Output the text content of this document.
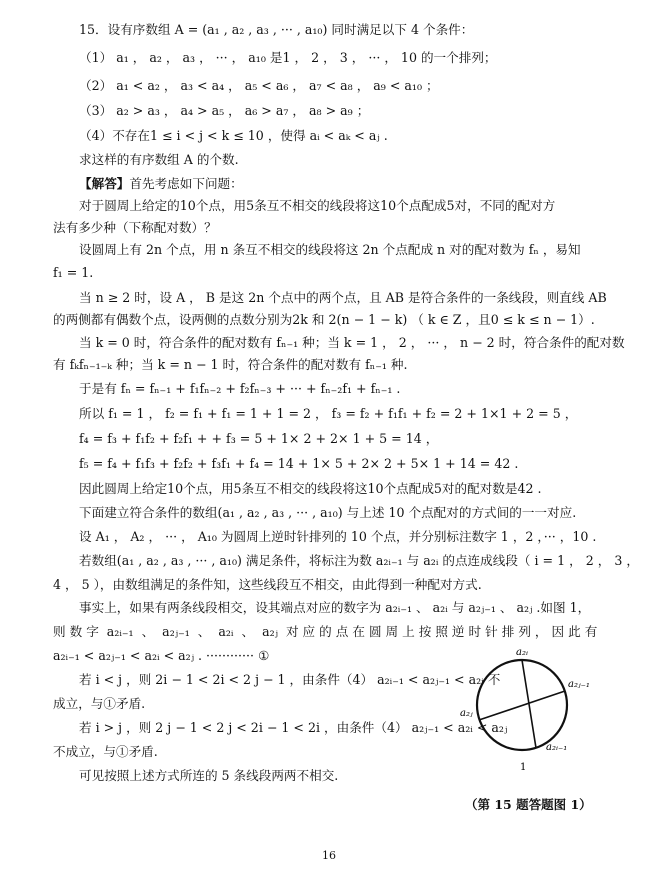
15．设有序数组 A = (a₁ , a₂ , a₃ , ··· , a₁₀) 同时满足以下 4 个条件：
（1） a₁ ， a₂ ， a₃ ， ··· ， a₁₀ 是1 ， 2 ， 3 ， ··· ， 10 的一个排列；
（2） a₁ < a₂ ， a₃ < a₄ ， a₅ < a₆ ， a₇ < a₈ ， a₉ < a₁₀ ；
（3） a₂ > a₃ ， a₄ > a₅ ， a₆ > a₇ ， a₈ > a₉ ；
（4）不存在1 ≤ i < j < k ≤ 10 ，使得 aᵢ < aₖ < aⱼ .
求这样的有序数组 A 的个数.
【解答】首先考虑如下问题：
对于圆周上给定的10个点，用5条互不相交的线段将这10个点配成5对，不同的配对方
法有多少种（下称配对数）？
设圆周上有 2n 个点，用 n 条互不相交的线段将这 2n 个点配成 n 对的配对数为 fₙ ，易知
f₁ = 1.
当 n ≥ 2 时，设 A ， B 是这 2n 个点中的两个点，且 AB 是符合条件的一条线段，则直线 AB
的两侧都有偶数个点，设两侧的点数分别为2k 和 2(n − 1 − k) （ k ∈ Z ，且0 ≤ k ≤ n − 1）.
当 k = 0 时，符合条件的配对数有 fₙ₋₁ 种；当 k = 1 ， 2 ， ··· ， n − 2 时，符合条件的配对数
有 fₖfₙ₋₁₋ₖ 种；当 k = n − 1 时，符合条件的配对数有 fₙ₋₁ 种.
于是有 fₙ = fₙ₋₁ + f₁fₙ₋₂ + f₂fₙ₋₃ + ··· + fₙ₋₂f₁ + fₙ₋₁ .
所以 f₁ = 1 ， f₂ = f₁ + f₁ = 1 + 1 = 2 ， f₃ = f₂ + f₁f₁ + f₂ = 2 + 1×1 + 2 = 5 ，
f₄ = f₃ + f₁f₂ + f₂f₁ + + f₃ = 5 + 1× 2 + 2× 1 + 5 = 14 ，
f₅ = f₄ + f₁f₃ + f₂f₂ + f₃f₁ + f₄ = 14 + 1× 5 + 2× 2 + 5× 1 + 14 = 42 .
因此圆周上给定10个点，用5条互不相交的线段将这10个点配成5对的配对数是42 .
下面建立符合条件的数组(a₁ , a₂ , a₃ , ··· , a₁₀) 与上述 10 个点配对的方式间的一一对应.
设 A₁ ， A₂ ， ··· ， A₁₀ 为圆周上逆时针排列的 10 个点，并分别标注数字 1 ，2 ，··· ，10 .
若数组(a₁ , a₂ , a₃ , ··· , a₁₀) 满足条件，将标注为数 a₂ᵢ₋₁ 与 a₂ᵢ 的点连成线段（ i = 1 ， 2 ， 3 ，
4 ， 5 ），由数组满足的条件知，这些线段互不相交，由此得到一种配对方式.
事实上，如果有两条线段相交，设其端点对应的数字为 a₂ᵢ₋₁ 、 a₂ᵢ 与 a₂ⱼ₋₁ 、 a₂ⱼ .如图 1，
则 数 字  a₂ᵢ₋₁  、  a₂ⱼ₋₁  、  a₂ᵢ  、  a₂ⱼ  对 应 的 点 在 圆 周 上 按 照 逆 时 针 排 列 ， 因 此 有
a₂ᵢ₋₁ < a₂ⱼ₋₁ < a₂ᵢ < a₂ⱼ . ············ ①
若 i < j ，则 2i − 1 < 2i < 2 j − 1 ，由条件（4） a₂ᵢ₋₁ < a₂ⱼ₋₁ < a₂ᵢ 不
成立，与①矛盾.
若 i > j ，则 2 j − 1 < 2 j < 2i − 1 < 2i ，由条件（4） a₂ⱼ₋₁ < a₂ᵢ < a₂ⱼ
不成立，与①矛盾.
可见按照上述方式所连的 5 条线段两两不相交.
a₂ᵢ
a₂ⱼ₋₁
a₂ⱼ
a₂ᵢ₋₁
1
（第 15 题答题图 1）
16
